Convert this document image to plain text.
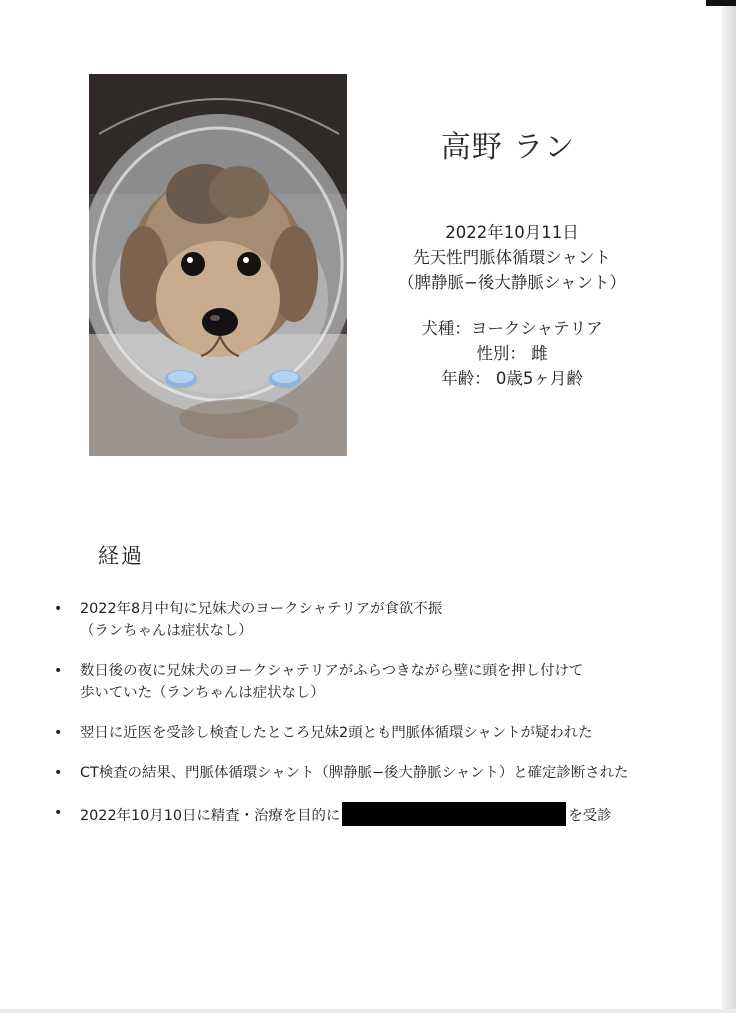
高野 ラン
2022年10月11日
先天性門脈体循環シャント
（脾静脈−後大静脈シャント）
犬種：ヨークシャテリア
性別： 雌
年齢： 0歳5ヶ月齢
経過
• 2022年8月中旬に兄妹犬のヨークシャテリアが食欲不振
（ランちゃんは症状なし）
• 数日後の夜に兄妹犬のヨークシャテリアがふらつきながら壁に頭を押し付けて
歩いていた（ランちゃんは症状なし）
• 翌日に近医を受診し検査したところ兄妹2頭とも門脈体循環シャントが疑われた
• CT検査の結果、門脈体循環シャント（脾静脈−後大静脈シャント）と確定診断された
• 2022年10月10日に精査・治療を目的に	を受診
